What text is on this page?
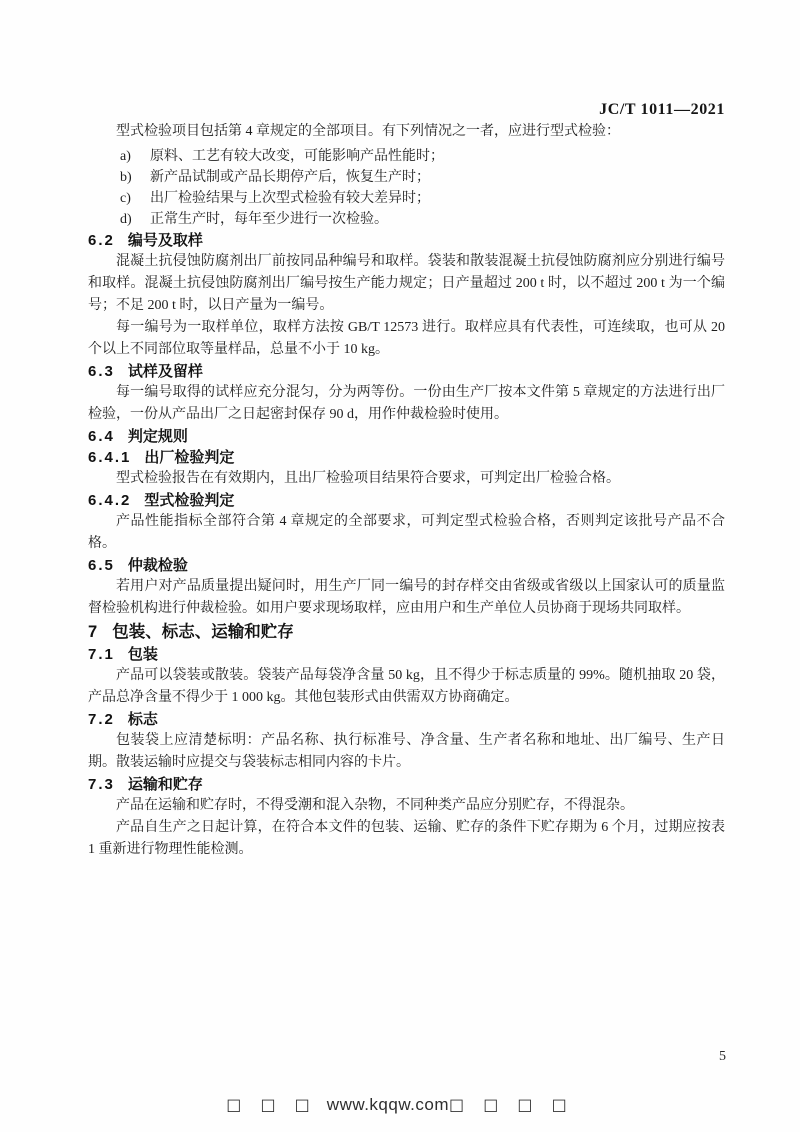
JC/T 1011—2021

型式检验项目包括第 4 章规定的全部项目。有下列情况之一者，应进行型式检验：

a)	原料、工艺有较大改变，可能影响产品性能时；
b)	新产品试制或产品长期停产后，恢复生产时；
c)	出厂检验结果与上次型式检验有较大差异时；
d)	正常生产时，每年至少进行一次检验。
6.2 编号及取样

混凝土抗侵蚀防腐剂出厂前按同品种编号和取样。袋装和散装混凝土抗侵蚀防腐剂应分别进行编号和取样。混凝土抗侵蚀防腐剂出厂编号按生产能力规定；日产量超过 200 t 时，以不超过 200 t 为一个编号；不足 200 t 时，以日产量为一编号。

每一编号为一取样单位，取样方法按 GB/T 12573 进行。取样应具有代表性，可连续取，也可从 20 个以上不同部位取等量样品，总量不小于 10 kg。

6.3 试样及留样

每一编号取得的试样应充分混匀，分为两等份。一份由生产厂按本文件第 5 章规定的方法进行出厂检验，一份从产品出厂之日起密封保存 90 d，用作仲裁检验时使用。

6.4 判定规则
6.4.1 出厂检验判定

型式检验报告在有效期内，且出厂检验项目结果符合要求，可判定出厂检验合格。

6.4.2 型式检验判定

产品性能指标全部符合第 4 章规定的全部要求，可判定型式检验合格，否则判定该批号产品不合格。

6.5 仲裁检验

若用户对产品质量提出疑问时，用生产厂同一编号的封存样交由省级或省级以上国家认可的质量监督检验机构进行仲裁检验。如用户要求现场取样，应由用户和生产单位人员协商于现场共同取样。

7 包装、标志、运输和贮存
7.1 包装

产品可以袋装或散装。袋装产品每袋净含量 50 kg，且不得少于标志质量的 99%。随机抽取 20 袋，产品总净含量不得少于 1 000 kg。其他包装形式由供需双方协商确定。

7.2 标志

包装袋上应清楚标明：产品名称、执行标准号、净含量、生产者名称和地址、出厂编号、生产日期。散装运输时应提交与袋装标志相同内容的卡片。

7.3 运输和贮存

产品在运输和贮存时，不得受潮和混入杂物，不同种类产品应分别贮存，不得混杂。

产品自生产之日起计算，在符合本文件的包装、运输、贮存的条件下贮存期为 6 个月，过期应按表 1 重新进行物理性能检测。

5
□ □ □ www.kqqw.com□ □ □ □
